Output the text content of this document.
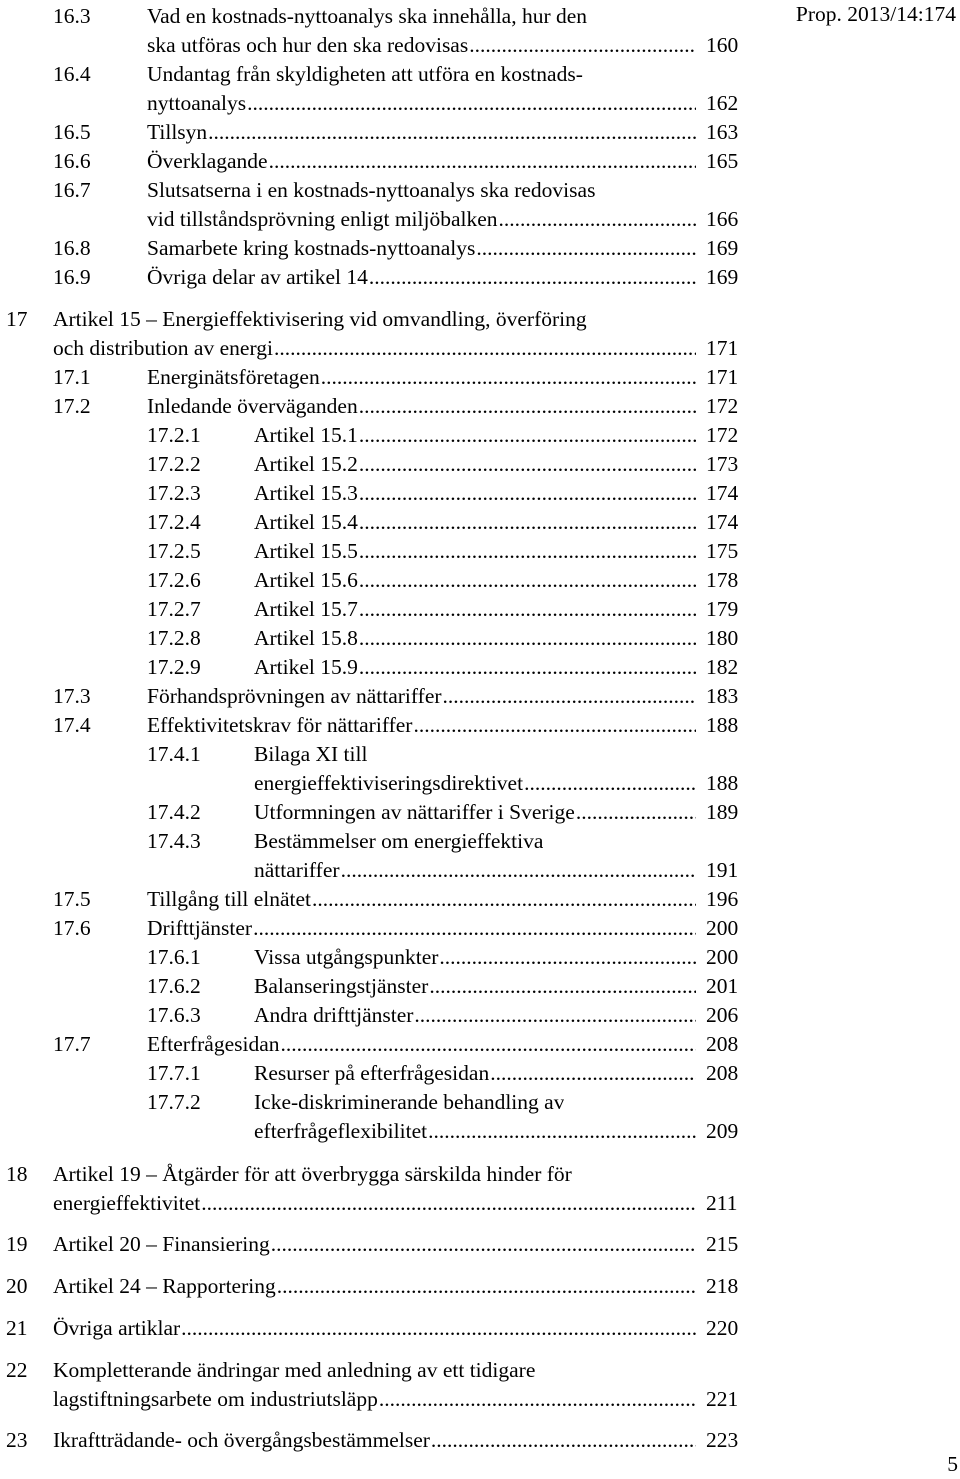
Prop. 2013/14:174
16.3	Vad en kostnads-nyttoanalys ska innehålla, hur den
ska utföras och hur den ska redovisas .....	160
16.4	Undantag från skyldigheten att utföra en kostnads-
nyttoanalys .....	162
16.5	Tillsyn .....	163
16.6	Överklagande .....	165
16.7	Slutsatserna i en kostnads-nyttoanalys ska redovisas
vid tillståndsprövning enligt miljöbalken .....	166
16.8	Samarbete kring kostnads-nyttoanalys .....	169
16.9	Övriga delar av artikel 14 .....	169
17 Artikel 15 – Energieffektivisering vid omvandling, överföring
och distribution av energi .....	171
17.1	Energinätsföretagen .....	171
17.2	Inledande överväganden .....	172
17.2.1 Artikel 15.1 .....	172
17.2.2 Artikel 15.2 .....	173
17.2.3 Artikel 15.3 .....	174
17.2.4 Artikel 15.4 .....	174
17.2.5 Artikel 15.5 .....	175
17.2.6 Artikel 15.6 .....	178
17.2.7 Artikel 15.7 .....	179
17.2.8 Artikel 15.8 .....	180
17.2.9 Artikel 15.9 .....	182
17.3	Förhandsprövningen av nättariffer .....	183
17.4	Effektivitetskrav för nättariffer .....	188
17.4.1 Bilaga XI till
energieffektiviseringsdirektivet .....	188
17.4.2 Utformningen av nättariffer i Sverige .....	189
17.4.3 Bestämmelser om energieffektiva
nättariffer .....	191
17.5	Tillgång till elnätet .....	196
17.6	Drifttjänster .....	200
17.6.1 Vissa utgångspunkter .....	200
17.6.2 Balanseringstjänster .....	201
17.6.3 Andra drifttjänster .....	206
17.7	Efterfrågesidan .....	208
17.7.1 Resurser på efterfrågesidan .....	208
17.7.2 Icke-diskriminerande behandling av
efterfrågeflexibilitet .....	209
18 Artikel 19 – Åtgärder för att överbrygga särskilda hinder för
energieffektivitet .....	211
19 Artikel 20 – Finansiering .....	215
20 Artikel 24 – Rapportering .....	218
21 Övriga artiklar .....	220
22 Kompletterande ändringar med anledning av ett tidigare
lagstiftningsarbete om industriutsläpp .....	221
23 Ikraftträdande- och övergångsbestämmelser .....	223
5
